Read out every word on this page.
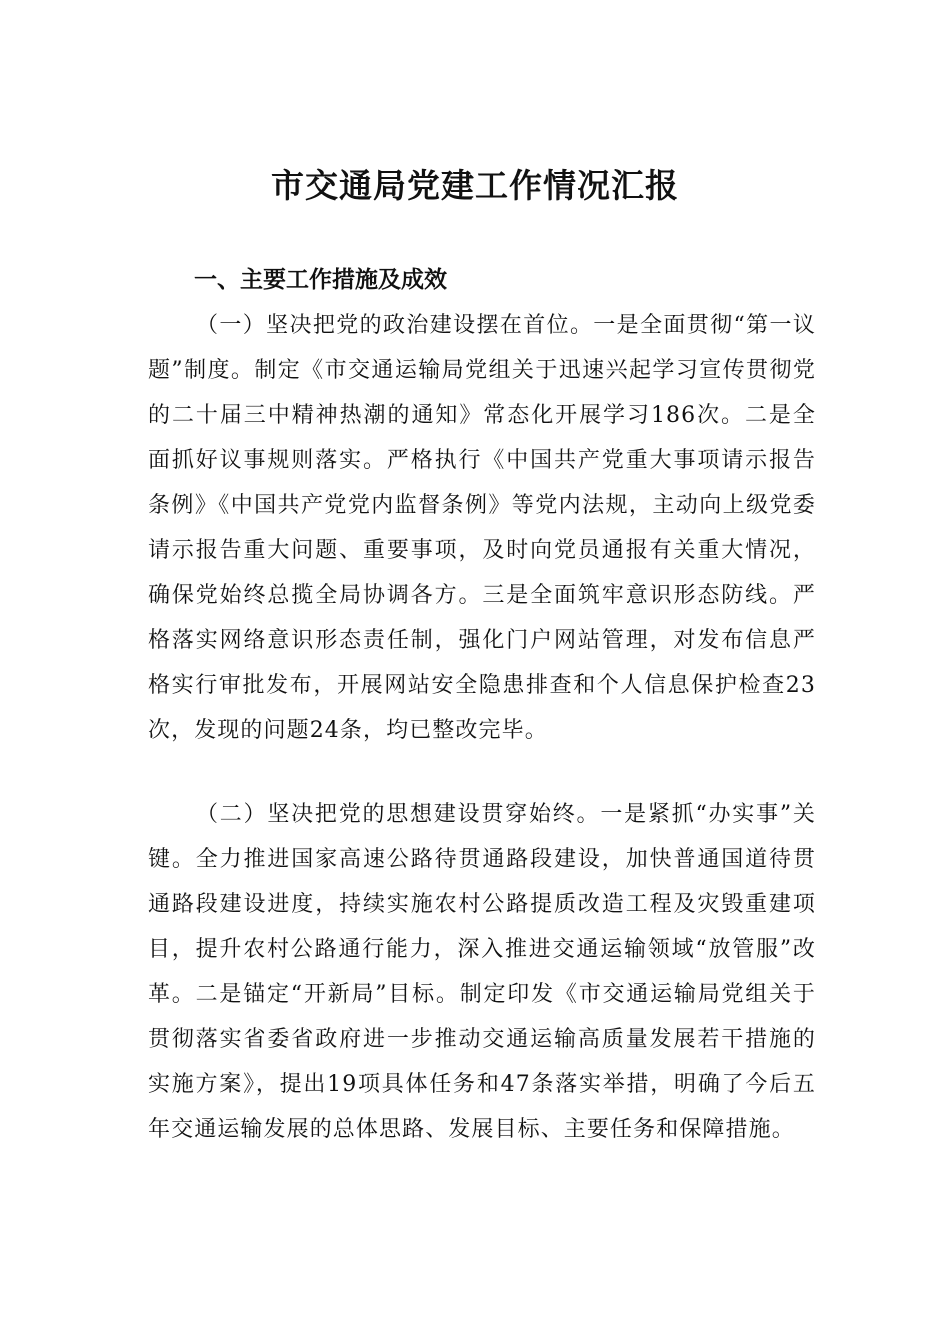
市交通局党建工作情况汇报
一、主要工作措施及成效

（一）坚决把党的政治建设摆在首位。一是全面贯彻“第一议题”制度。制定《市交通运输局党组关于迅速兴起学习宣传贯彻党的二十届三中精神热潮的通知》常态化开展学习186次。二是全面抓好议事规则落实。严格执行《中国共产党重大事项请示报告条例》《中国共产党党内监督条例》等党内法规，主动向上级党委请示报告重大问题、重要事项，及时向党员通报有关重大情况，确保党始终总揽全局协调各方。三是全面筑牢意识形态防线。严格落实网络意识形态责任制，强化门户网站管理，对发布信息严格实行审批发布，开展网站安全隐患排查和个人信息保护检查23次，发现的问题24条，均已整改完毕。

（二）坚决把党的思想建设贯穿始终。一是紧抓“办实事”关键。全力推进国家高速公路待贯通路段建设，加快普通国道待贯通路段建设进度，持续实施农村公路提质改造工程及灾毁重建项目，提升农村公路通行能力，深入推进交通运输领域“放管服”改革。二是锚定“开新局”目标。制定印发《市交通运输局党组关于贯彻落实省委省政府进一步推动交通运输高质量发展若干措施的实施方案》，提出19项具体任务和47条落实举措，明确了今后五年交通运输发展的总体思路、发展目标、主要任务和保障措施。
